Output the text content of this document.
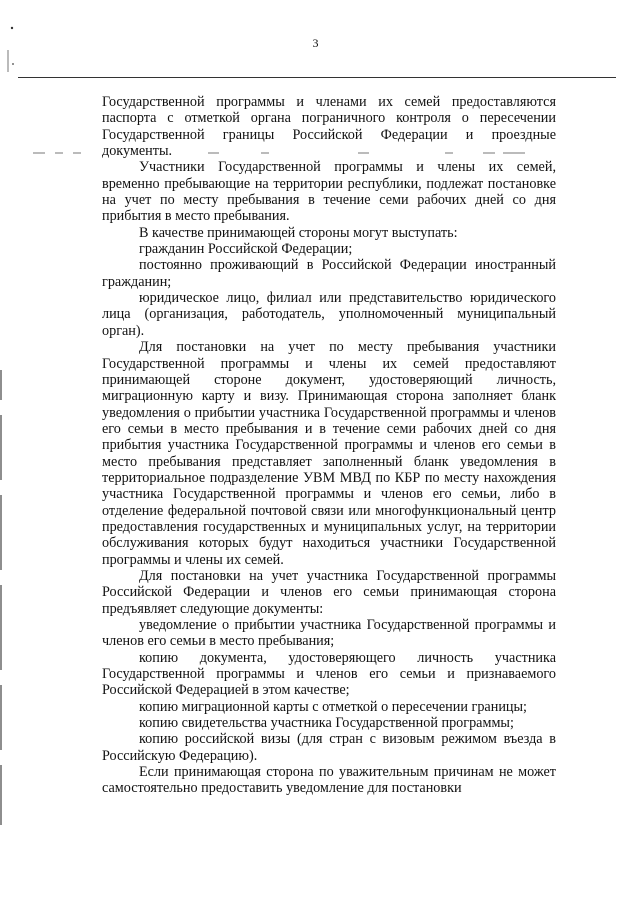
3

Государственной программы и членами их семей предоставляются паспорта с отметкой органа пограничного контроля о пересечении Государственной границы Российской Федерации и проездные документы.

Участники Государственной программы и члены их семей, временно пребывающие на территории республики, подлежат постановке на учет по месту пребывания в течение семи рабочих дней со дня прибытия в место пребывания.

В качестве принимающей стороны могут выступать:

гражданин Российской Федерации;

постоянно проживающий в Российской Федерации иностранный гражданин;

юридическое лицо, филиал или представительство юридического лица (организация, работодатель, уполномоченный муниципальный орган).

Для постановки на учет по месту пребывания участники Государственной программы и члены их семей предоставляют принимающей стороне документ, удостоверяющий личность, миграционную карту и визу. Принимающая сторона заполняет бланк уведомления о прибытии участника Государственной программы и членов его семьи в место пребывания и в течение семи рабочих дней со дня прибытия участника Государственной программы и членов его семьи в место пребывания представляет заполненный бланк уведомления в территориальное подразделение УВМ МВД по КБР по месту нахождения участника Государственной программы и членов его семьи, либо в отделение федеральной почтовой связи или многофункциональный центр предоставления государственных и муниципальных услуг, на территории обслуживания которых будут находиться участники Государственной программы и члены их семей.

Для постановки на учет участника Государственной программы Российской Федерации и членов его семьи принимающая сторона предъявляет следующие документы:

уведомление о прибытии участника Государственной программы и членов его семьи в место пребывания;

копию документа, удостоверяющего личность участника Государственной программы и членов его семьи и признаваемого Российской Федерацией в этом качестве;

копию миграционной карты с отметкой о пересечении границы;

копию свидетельства участника Государственной программы;

копию российской визы (для стран с визовым режимом въезда в Российскую Федерацию).

Если принимающая сторона по уважительным причинам не может самостоятельно предоставить уведомление для постановки
